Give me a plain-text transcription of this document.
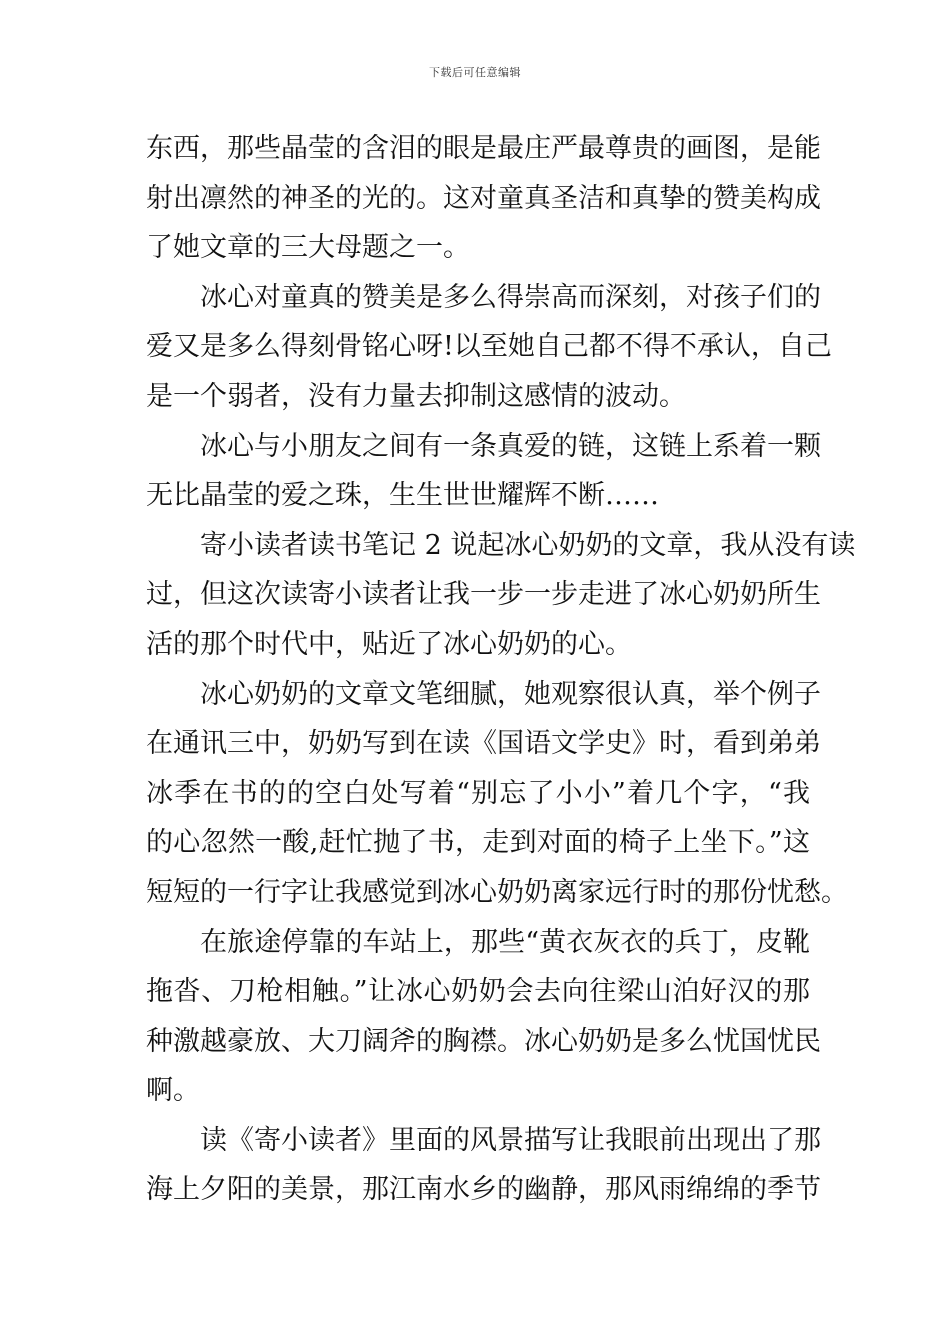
下载后可任意编辑
东西，那些晶莹的含泪的眼是最庄严最尊贵的画图，是能
射出凛然的神圣的光的。这对童真圣洁和真挚的赞美构成
了她文章的三大母题之一。
冰心对童真的赞美是多么得崇高而深刻，对孩子们的
爱又是多么得刻骨铭心呀!以至她自己都不得不承认，自己
是一个弱者，没有力量去抑制这感情的波动。
冰心与小朋友之间有一条真爱的链，这链上系着一颗
无比晶莹的爱之珠，生生世世耀辉不断……
寄小读者读书笔记 2 说起冰心奶奶的文章，我从没有读
过，但这次读寄小读者让我一步一步走进了冰心奶奶所生
活的那个时代中，贴近了冰心奶奶的心。
冰心奶奶的文章文笔细腻，她观察很认真，举个例子
在通讯三中，奶奶写到在读《国语文学史》时，看到弟弟
冰季在书的的空白处写着“别忘了小小”着几个字，“我
的心忽然一酸,赶忙抛了书，走到对面的椅子上坐下。”这
短短的一行字让我感觉到冰心奶奶离家远行时的那份忧愁。
在旅途停靠的车站上，那些“黄衣灰衣的兵丁，皮靴
拖沓、刀枪相触。”让冰心奶奶会去向往梁山泊好汉的那
种激越豪放、大刀阔斧的胸襟。冰心奶奶是多么忧国忧民
啊。
读《寄小读者》里面的风景描写让我眼前出现出了那
海上夕阳的美景，那江南水乡的幽静，那风雨绵绵的季节
